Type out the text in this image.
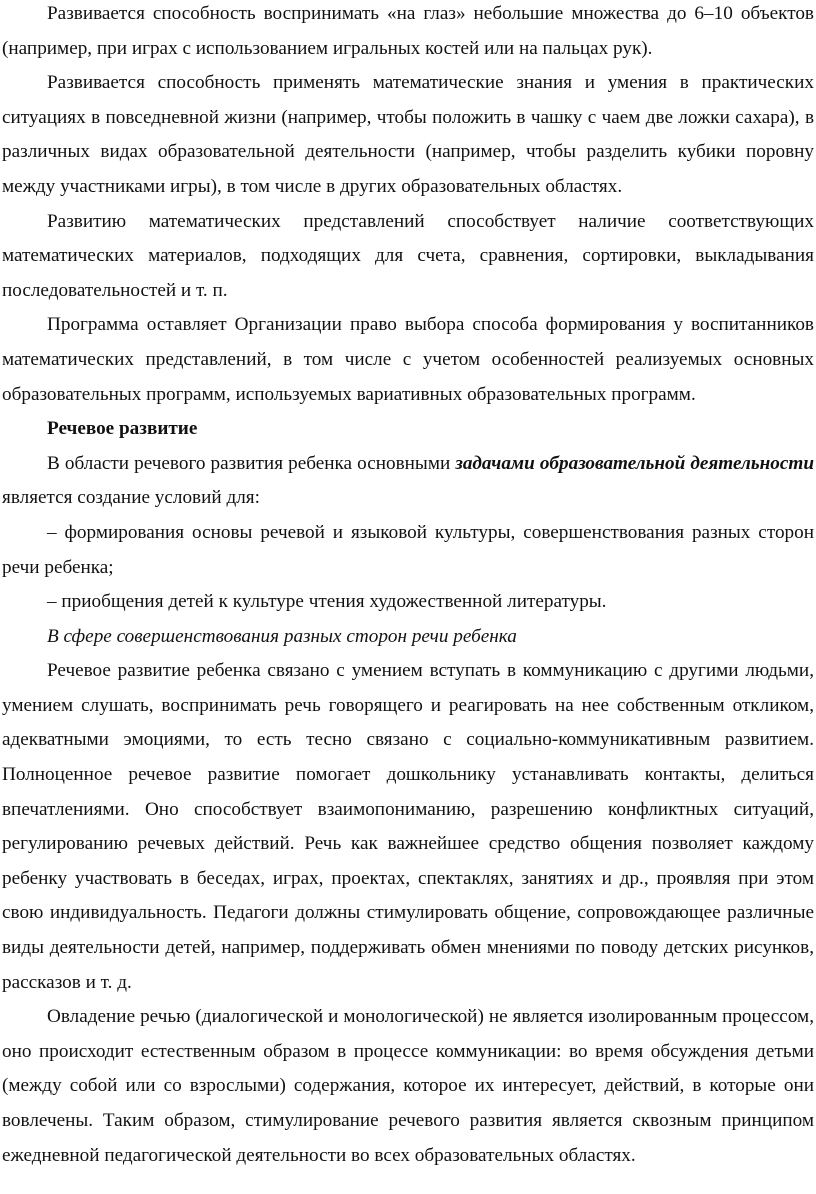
Развивается способность воспринимать «на глаз» небольшие множества до 6–10 объектов (например, при играх с использованием игральных костей или на пальцах рук).

Развивается способность применять математические знания и умения в практических ситуациях в повседневной жизни (например, чтобы положить в чашку с чаем две ложки сахара), в различных видах образовательной деятельности (например, чтобы разделить кубики поровну между участниками игры), в том числе в других образовательных областях.

Развитию математических представлений способствует наличие соответствующих математических материалов, подходящих для счета, сравнения, сортировки, выкладывания последовательностей и т. п.

Программа оставляет Организации право выбора способа формирования у воспитанников математических представлений, в том числе с учетом особенностей реализуемых основных образовательных программ, используемых вариативных образовательных программ.

Речевое развитие

В области речевого развития ребенка основными задачами образовательной деятельности является создание условий для:

– формирования основы речевой и языковой культуры, совершенствования разных сторон речи ребенка;

– приобщения детей к культуре чтения художественной литературы.

В сфере совершенствования разных сторон речи ребенка

Речевое развитие ребенка связано с умением вступать в коммуникацию с другими людьми, умением слушать, воспринимать речь говорящего и реагировать на нее собственным откликом, адекватными эмоциями, то есть тесно связано с социально-коммуникативным развитием. Полноценное речевое развитие помогает дошкольнику устанавливать контакты, делиться впечатлениями. Оно способствует взаимопониманию, разрешению конфликтных ситуаций, регулированию речевых действий. Речь как важнейшее средство общения позволяет каждому ребенку участвовать в беседах, играх, проектах, спектаклях, занятиях и др., проявляя при этом свою индивидуальность. Педагоги должны стимулировать общение, сопровождающее различные виды деятельности детей, например, поддерживать обмен мнениями по поводу детских рисунков, рассказов и т. д.

Овладение речью (диалогической и монологической) не является изолированным процессом, оно происходит естественным образом в процессе коммуникации: во время обсуждения детьми (между собой или со взрослыми) содержания, которое их интересует, действий, в которые они вовлечены. Таким образом, стимулирование речевого развития является сквозным принципом ежедневной педагогической деятельности во всех образовательных областях.
